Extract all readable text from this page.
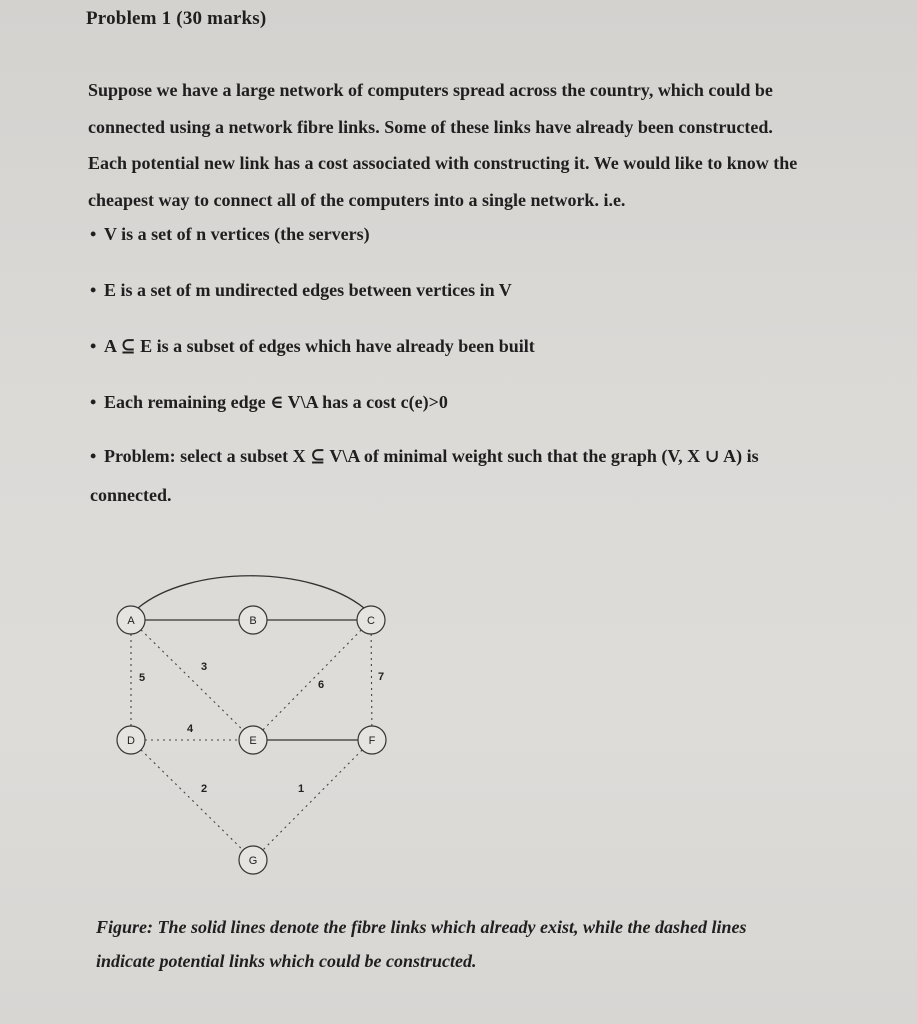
Problem 1 (30 marks)
Suppose we have a large network of computers spread across the country, which could be
connected using a network fibre links. Some of these links have already been constructed.
Each potential new link has a cost associated with constructing it. We would like to know the
cheapest way to connect all of the computers into a single network. i.e.
• V is a set of n vertices (the servers)
• E is a set of m undirected edges between vertices in V
• A ⊆ E is a subset of edges which have already been built
• Each remaining edge ∈ V\A has a cost c(e)>0
• Problem: select a subset X ⊆ V\A of minimal weight such that the graph (V, X ∪ A) is
connected.
5
3
6
7
4
2	1
A	B	C
D	E	F
G
Figure: The solid lines denote the fibre links which already exist, while the dashed lines
indicate potential links which could be constructed.
